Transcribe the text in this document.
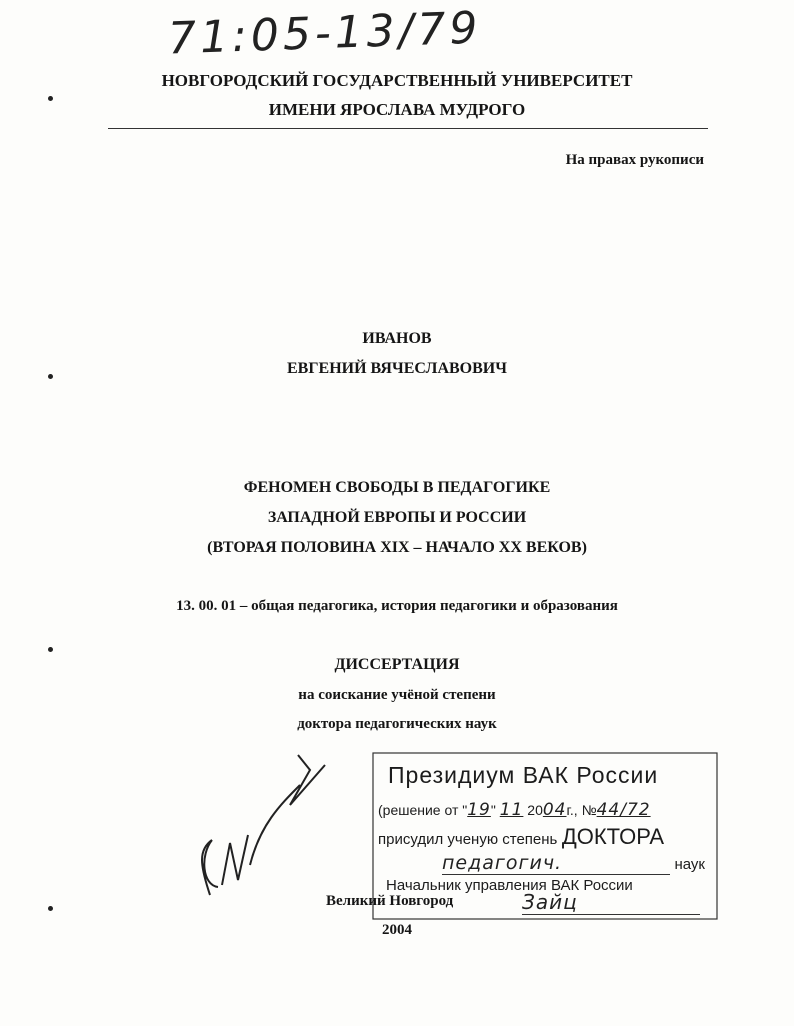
71:05-13/79
НОВГОРОДСКИЙ ГОСУДАРСТВЕННЫЙ УНИВЕРСИТЕТ
ИМЕНИ ЯРОСЛАВА МУДРОГО
На правах рукописи
ИВАНОВ
ЕВГЕНИЙ ВЯЧЕСЛАВОВИЧ
ФЕНОМЕН СВОБОДЫ В ПЕДАГОГИКЕ
ЗАПАДНОЙ ЕВРОПЫ И РОССИИ
(ВТОРАЯ ПОЛОВИНА XIX – НАЧАЛО XX ВЕКОВ)
13. 00. 01 – общая педагогика, история педагогики и образования
ДИССЕРТАЦИЯ
на соискание учёной степени
доктора педагогических наук
Евг
Президиум ВАК России
(решение от "19" 11 2004г., №44/72
присудил ученую степень ДОКТОРА
педагогич.	наук
Начальник управления ВАК России
Зайц
Великий Новгород
2004
